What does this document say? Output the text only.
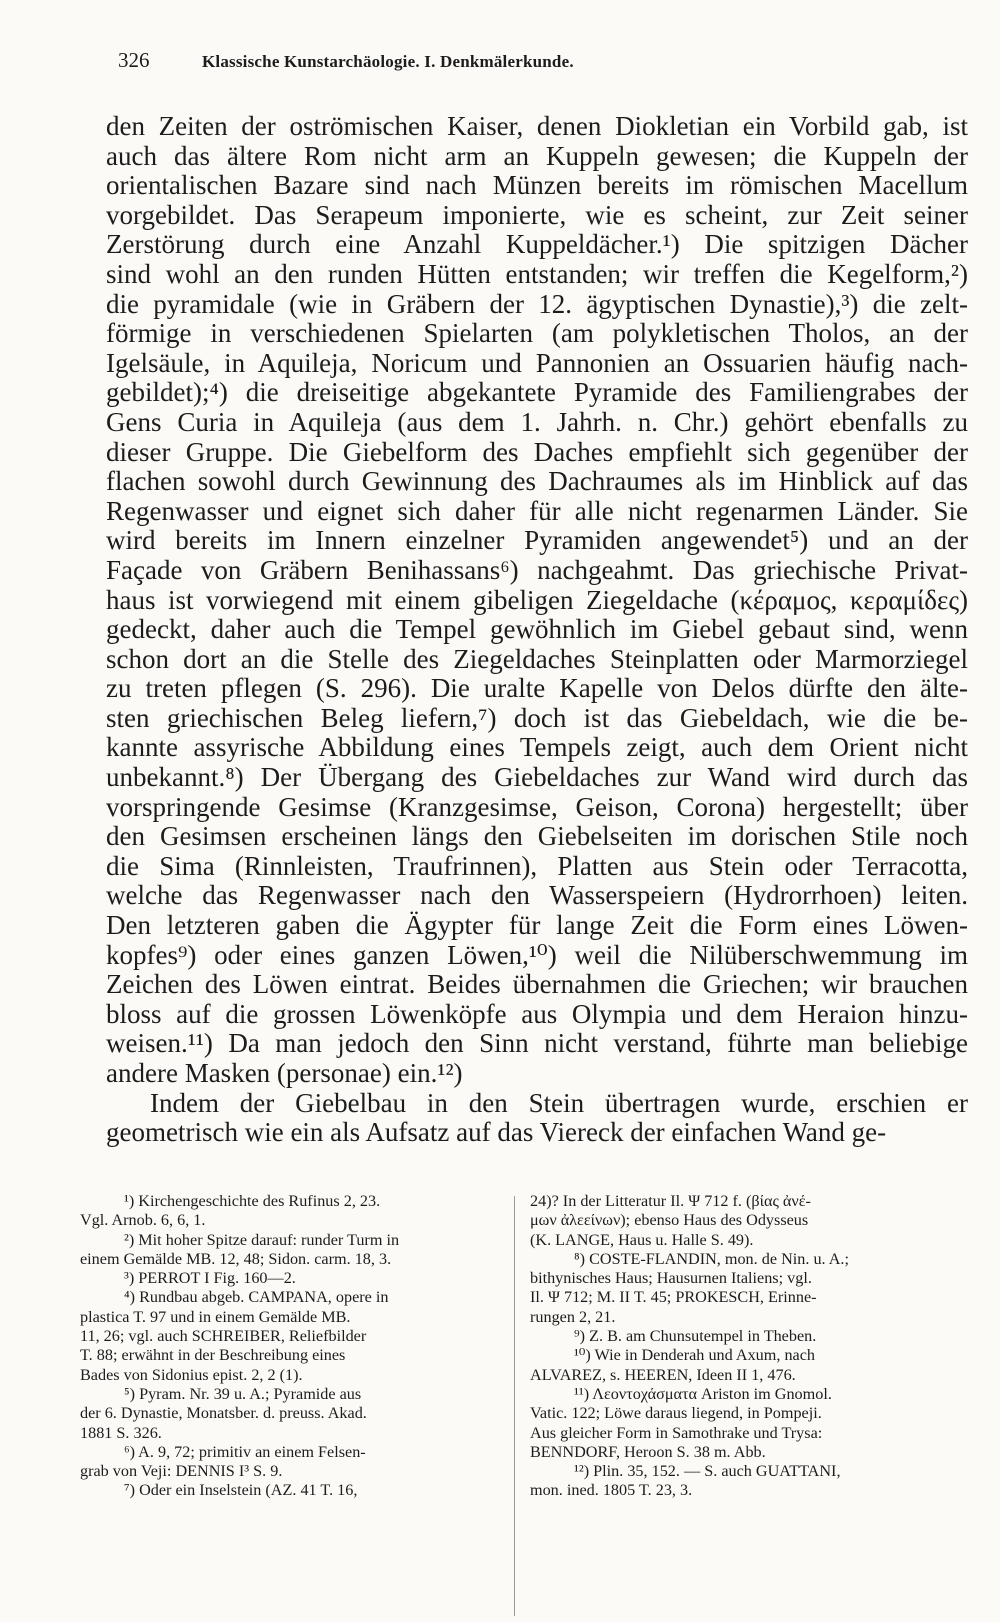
326	Klassische Kunstarchäologie. I. Denkmälerkunde.
den Zeiten der oströmischen Kaiser, denen Diokletian ein Vorbild gab, ist
auch das ältere Rom nicht arm an Kuppeln gewesen; die Kuppeln der
orientalischen Bazare sind nach Münzen bereits im römischen Macellum
vorgebildet. Das Serapeum imponierte, wie es scheint, zur Zeit seiner
Zerstörung durch eine Anzahl Kuppeldächer.¹) Die spitzigen Dächer
sind wohl an den runden Hütten entstanden; wir treffen die Kegelform,²)
die pyramidale (wie in Gräbern der 12. ägyptischen Dynastie),³) die zelt-
förmige in verschiedenen Spielarten (am polykletischen Tholos, an der
Igelsäule, in Aquileja, Noricum und Pannonien an Ossuarien häufig nach-
gebildet);⁴) die dreiseitige abgekantete Pyramide des Familiengrabes der
Gens Curia in Aquileja (aus dem 1. Jahrh. n. Chr.) gehört ebenfalls zu
dieser Gruppe. Die Giebelform des Daches empfiehlt sich gegenüber der
flachen sowohl durch Gewinnung des Dachraumes als im Hinblick auf das
Regenwasser und eignet sich daher für alle nicht regenarmen Länder. Sie
wird bereits im Innern einzelner Pyramiden angewendet⁵) und an der
Façade von Gräbern Benihassans⁶) nachgeahmt. Das griechische Privat-
haus ist vorwiegend mit einem gibeligen Ziegeldache (κέραμος, κεραμίδες)
gedeckt, daher auch die Tempel gewöhnlich im Giebel gebaut sind, wenn
schon dort an die Stelle des Ziegeldaches Steinplatten oder Marmorziegel
zu treten pflegen (S. 296). Die uralte Kapelle von Delos dürfte den älte-
sten griechischen Beleg liefern,⁷) doch ist das Giebeldach, wie die be-
kannte assyrische Abbildung eines Tempels zeigt, auch dem Orient nicht
unbekannt.⁸) Der Übergang des Giebeldaches zur Wand wird durch das
vorspringende Gesimse (Kranzgesimse, Geison, Corona) hergestellt; über
den Gesimsen erscheinen längs den Giebelseiten im dorischen Stile noch
die Sima (Rinnleisten, Traufrinnen), Platten aus Stein oder Terracotta,
welche das Regenwasser nach den Wasserspeiern (Hydrorrhoen) leiten.
Den letzteren gaben die Ägypter für lange Zeit die Form eines Löwen-
kopfes⁹) oder eines ganzen Löwen,¹⁰) weil die Nilüberschwemmung im
Zeichen des Löwen eintrat. Beides übernahmen die Griechen; wir brauchen
bloss auf die grossen Löwenköpfe aus Olympia und dem Heraion hinzu-
weisen.¹¹) Da man jedoch den Sinn nicht verstand, führte man beliebige
andere Masken (personae) ein.¹²)
Indem der Giebelbau in den Stein übertragen wurde, erschien er
geometrisch wie ein als Aufsatz auf das Viereck der einfachen Wand ge-
¹) Kirchengeschichte des Rufinus 2, 23.
Vgl. Arnob. 6, 6, 1.
²) Mit hoher Spitze darauf: runder Turm in
einem Gemälde MB. 12, 48; Sidon. carm. 18, 3.
³) PERROT I Fig. 160—2.
⁴) Rundbau abgeb. CAMPANA, opere in
plastica T. 97 und in einem Gemälde MB.
11, 26; vgl. auch SCHREIBER, Reliefbilder
T. 88; erwähnt in der Beschreibung eines
Bades von Sidonius epist. 2, 2 (1).
⁵) Pyram. Nr. 39 u. A.; Pyramide aus
der 6. Dynastie, Monatsber. d. preuss. Akad.
1881 S. 326.
⁶) A. 9, 72; primitiv an einem Felsen-
grab von Veji: DENNIS I³ S. 9.
⁷) Oder ein Inselstein (AZ. 41 T. 16,
24)? In der Litteratur Il. Ψ 712 f. (βίας ἀνέ-
μων ἀλεείνων); ebenso Haus des Odysseus
(K. LANGE, Haus u. Halle S. 49).
⁸) COSTE-FLANDIN, mon. de Nin. u. A.;
bithynisches Haus; Hausurnen Italiens; vgl.
Il. Ψ 712; M. II T. 45; PROKESCH, Erinne-
rungen 2, 21.
⁹) Z. B. am Chunsutempel in Theben.
¹⁰) Wie in Denderah und Axum, nach
ALVAREZ, s. HEEREN, Ideen II 1, 476.
¹¹) Λεοντοχάσματα Ariston im Gnomol.
Vatic. 122; Löwe daraus liegend, in Pompeji.
Aus gleicher Form in Samothrake und Trysa:
BENNDORF, Heroon S. 38 m. Abb.
¹²) Plin. 35, 152. — S. auch GUATTANI,
mon. ined. 1805 T. 23, 3.
